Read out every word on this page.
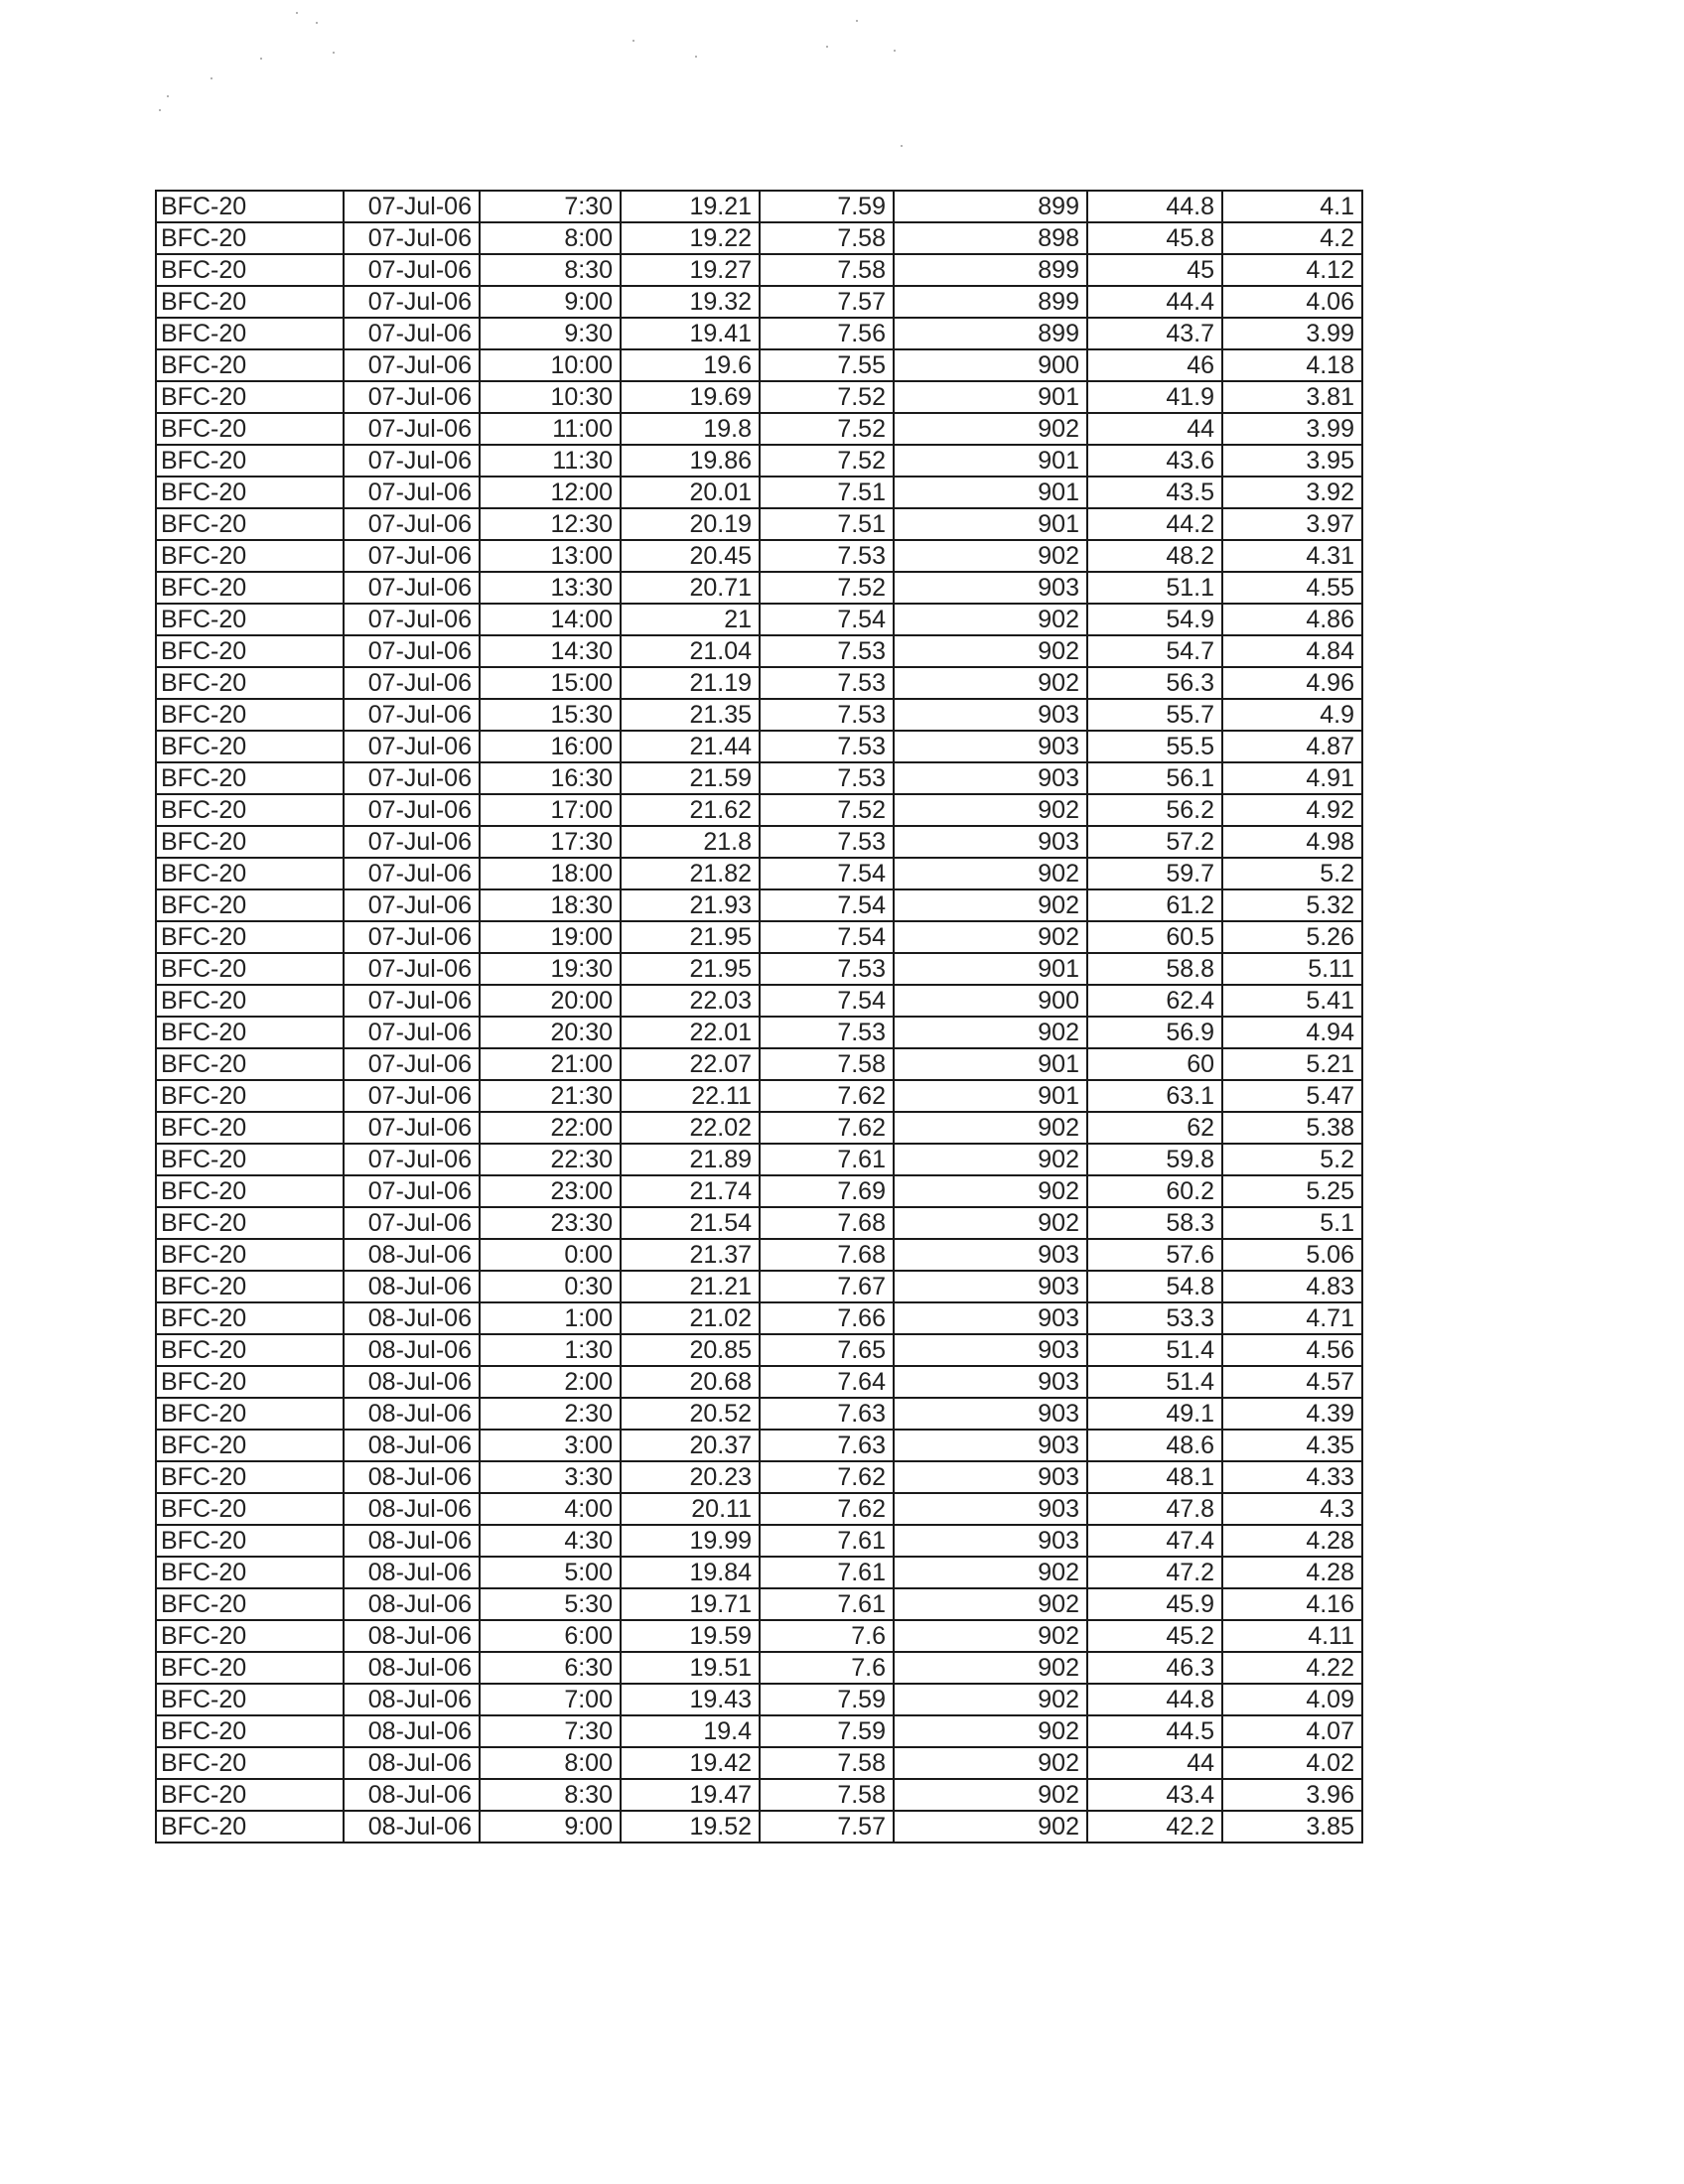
BFC-20	07-Jul-06	7:30	19.21	7.59	899	44.8	4.1
BFC-20	07-Jul-06	8:00	19.22	7.58	898	45.8	4.2
BFC-20	07-Jul-06	8:30	19.27	7.58	899	45	4.12
BFC-20	07-Jul-06	9:00	19.32	7.57	899	44.4	4.06
BFC-20	07-Jul-06	9:30	19.41	7.56	899	43.7	3.99
BFC-20	07-Jul-06	10:00	19.6	7.55	900	46	4.18
BFC-20	07-Jul-06	10:30	19.69	7.52	901	41.9	3.81
BFC-20	07-Jul-06	11:00	19.8	7.52	902	44	3.99
BFC-20	07-Jul-06	11:30	19.86	7.52	901	43.6	3.95
BFC-20	07-Jul-06	12:00	20.01	7.51	901	43.5	3.92
BFC-20	07-Jul-06	12:30	20.19	7.51	901	44.2	3.97
BFC-20	07-Jul-06	13:00	20.45	7.53	902	48.2	4.31
BFC-20	07-Jul-06	13:30	20.71	7.52	903	51.1	4.55
BFC-20	07-Jul-06	14:00	21	7.54	902	54.9	4.86
BFC-20	07-Jul-06	14:30	21.04	7.53	902	54.7	4.84
BFC-20	07-Jul-06	15:00	21.19	7.53	902	56.3	4.96
BFC-20	07-Jul-06	15:30	21.35	7.53	903	55.7	4.9
BFC-20	07-Jul-06	16:00	21.44	7.53	903	55.5	4.87
BFC-20	07-Jul-06	16:30	21.59	7.53	903	56.1	4.91
BFC-20	07-Jul-06	17:00	21.62	7.52	902	56.2	4.92
BFC-20	07-Jul-06	17:30	21.8	7.53	903	57.2	4.98
BFC-20	07-Jul-06	18:00	21.82	7.54	902	59.7	5.2
BFC-20	07-Jul-06	18:30	21.93	7.54	902	61.2	5.32
BFC-20	07-Jul-06	19:00	21.95	7.54	902	60.5	5.26
BFC-20	07-Jul-06	19:30	21.95	7.53	901	58.8	5.11
BFC-20	07-Jul-06	20:00	22.03	7.54	900	62.4	5.41
BFC-20	07-Jul-06	20:30	22.01	7.53	902	56.9	4.94
BFC-20	07-Jul-06	21:00	22.07	7.58	901	60	5.21
BFC-20	07-Jul-06	21:30	22.11	7.62	901	63.1	5.47
BFC-20	07-Jul-06	22:00	22.02	7.62	902	62	5.38
BFC-20	07-Jul-06	22:30	21.89	7.61	902	59.8	5.2
BFC-20	07-Jul-06	23:00	21.74	7.69	902	60.2	5.25
BFC-20	07-Jul-06	23:30	21.54	7.68	902	58.3	5.1
BFC-20	08-Jul-06	0:00	21.37	7.68	903	57.6	5.06
BFC-20	08-Jul-06	0:30	21.21	7.67	903	54.8	4.83
BFC-20	08-Jul-06	1:00	21.02	7.66	903	53.3	4.71
BFC-20	08-Jul-06	1:30	20.85	7.65	903	51.4	4.56
BFC-20	08-Jul-06	2:00	20.68	7.64	903	51.4	4.57
BFC-20	08-Jul-06	2:30	20.52	7.63	903	49.1	4.39
BFC-20	08-Jul-06	3:00	20.37	7.63	903	48.6	4.35
BFC-20	08-Jul-06	3:30	20.23	7.62	903	48.1	4.33
BFC-20	08-Jul-06	4:00	20.11	7.62	903	47.8	4.3
BFC-20	08-Jul-06	4:30	19.99	7.61	903	47.4	4.28
BFC-20	08-Jul-06	5:00	19.84	7.61	902	47.2	4.28
BFC-20	08-Jul-06	5:30	19.71	7.61	902	45.9	4.16
BFC-20	08-Jul-06	6:00	19.59	7.6	902	45.2	4.11
BFC-20	08-Jul-06	6:30	19.51	7.6	902	46.3	4.22
BFC-20	08-Jul-06	7:00	19.43	7.59	902	44.8	4.09
BFC-20	08-Jul-06	7:30	19.4	7.59	902	44.5	4.07
BFC-20	08-Jul-06	8:00	19.42	7.58	902	44	4.02
BFC-20	08-Jul-06	8:30	19.47	7.58	902	43.4	3.96
BFC-20	08-Jul-06	9:00	19.52	7.57	902	42.2	3.85
